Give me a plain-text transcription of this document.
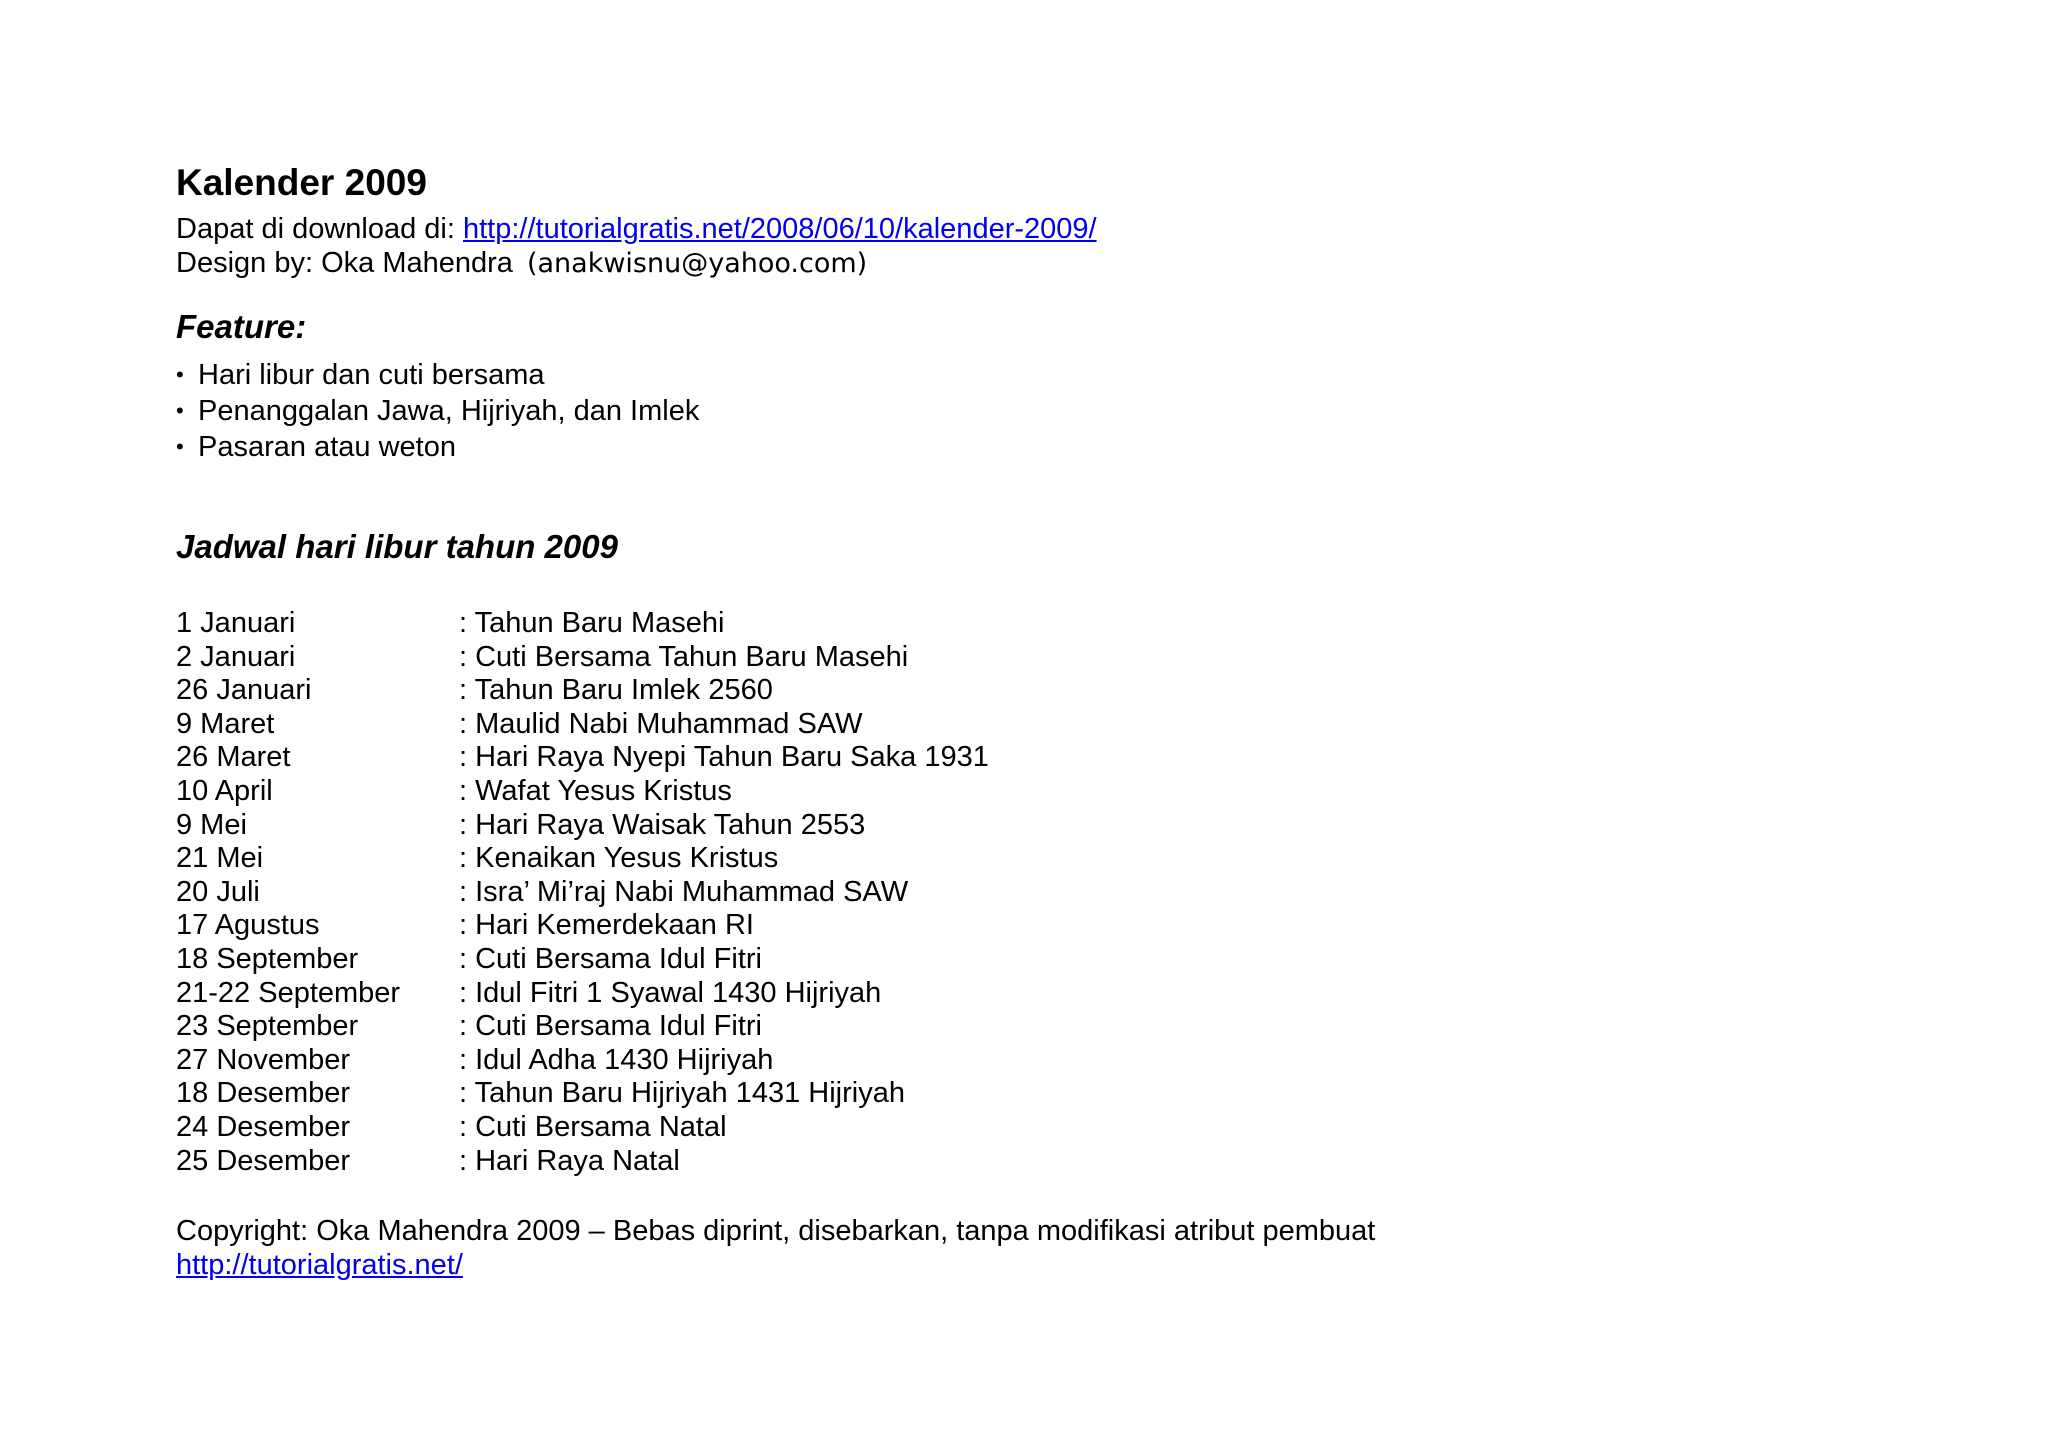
Kalender 2009
Dapat di download di: http://tutorialgratis.net/2008/06/10/kalender-2009/
Design by: Oka Mahendra (anakwisnu@yahoo.com)
Feature:
• Hari libur dan cuti bersama
• Penanggalan Jawa, Hijriyah, dan Imlek
• Pasaran atau weton
Jadwal hari libur tahun 2009
1 Januari	: Tahun Baru Masehi
2 Januari	: Cuti Bersama Tahun Baru Masehi
26 Januari	: Tahun Baru Imlek 2560
9 Maret	: Maulid Nabi Muhammad SAW
26 Maret	: Hari Raya Nyepi Tahun Baru Saka 1931
10 April	: Wafat Yesus Kristus
9 Mei	: Hari Raya Waisak Tahun 2553
21 Mei	: Kenaikan Yesus Kristus
20 Juli	: Isra’ Mi’raj Nabi Muhammad SAW
17 Agustus	: Hari Kemerdekaan RI
18 September	: Cuti Bersama Idul Fitri
21-22 September	: Idul Fitri 1 Syawal 1430 Hijriyah
23 September	: Cuti Bersama Idul Fitri
27 November	: Idul Adha 1430 Hijriyah
18 Desember	: Tahun Baru Hijriyah 1431 Hijriyah
24 Desember	: Cuti Bersama Natal
25 Desember	: Hari Raya Natal
Copyright: Oka Mahendra 2009 – Bebas diprint, disebarkan, tanpa modifikasi atribut pembuat
http://tutorialgratis.net/
